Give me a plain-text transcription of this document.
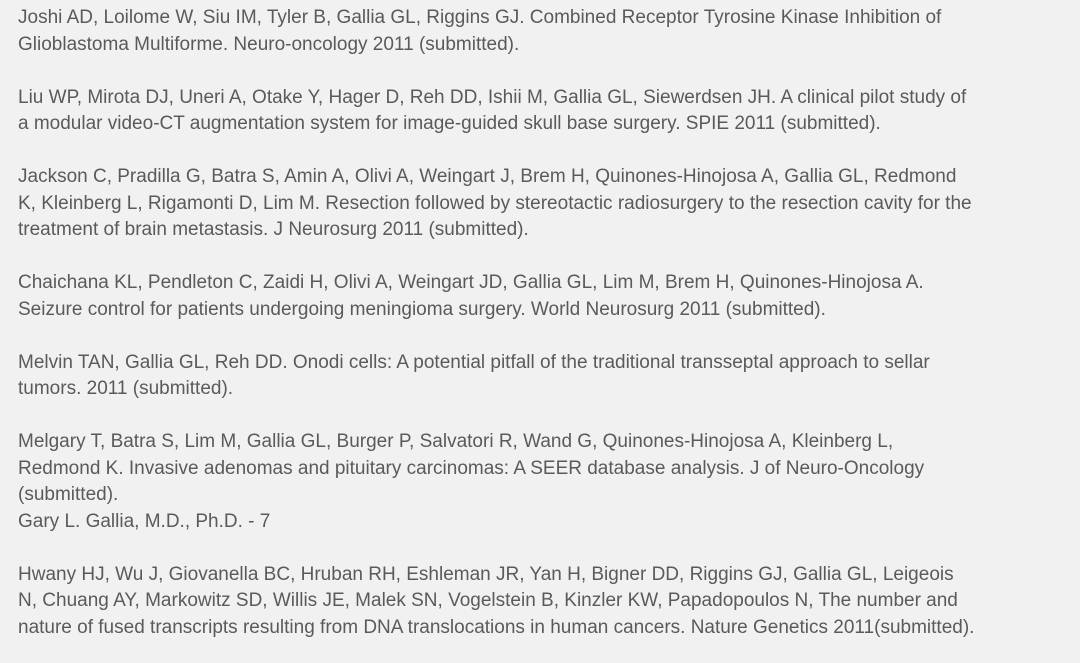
Joshi AD, Loilome W, Siu IM, Tyler B, Gallia GL, Riggins GJ. Combined Receptor Tyrosine Kinase Inhibition of
Glioblastoma Multiforme. Neuro-oncology 2011 (submitted).
Liu WP, Mirota DJ, Uneri A, Otake Y, Hager D, Reh DD, Ishii M, Gallia GL, Siewerdsen JH. A clinical pilot study of
a modular video-CT augmentation system for image-guided skull base surgery. SPIE 2011 (submitted).
Jackson C, Pradilla G, Batra S, Amin A, Olivi A, Weingart J, Brem H, Quinones-Hinojosa A, Gallia GL, Redmond
K, Kleinberg L, Rigamonti D, Lim M. Resection followed by stereotactic radiosurgery to the resection cavity for the
treatment of brain metastasis. J Neurosurg 2011 (submitted).
Chaichana KL, Pendleton C, Zaidi H, Olivi A, Weingart JD, Gallia GL, Lim M, Brem H, Quinones-Hinojosa A.
Seizure control for patients undergoing meningioma surgery. World Neurosurg 2011 (submitted).
Melvin TAN, Gallia GL, Reh DD. Onodi cells: A potential pitfall of the traditional transseptal approach to sellar
tumors. 2011 (submitted).
Melgary T, Batra S, Lim M, Gallia GL, Burger P, Salvatori R, Wand G, Quinones-Hinojosa A, Kleinberg L,
Redmond K. Invasive adenomas and pituitary carcinomas: A SEER database analysis. J of Neuro-Oncology
(submitted).
Gary L. Gallia, M.D., Ph.D. - 7
Hwany HJ, Wu J, Giovanella BC, Hruban RH, Eshleman JR, Yan H, Bigner DD, Riggins GJ, Gallia GL, Leigeois
N, Chuang AY, Markowitz SD, Willis JE, Malek SN, Vogelstein B, Kinzler KW, Papadopoulos N, The number and
nature of fused transcripts resulting from DNA translocations in human cancers. Nature Genetics 2011(submitted).
